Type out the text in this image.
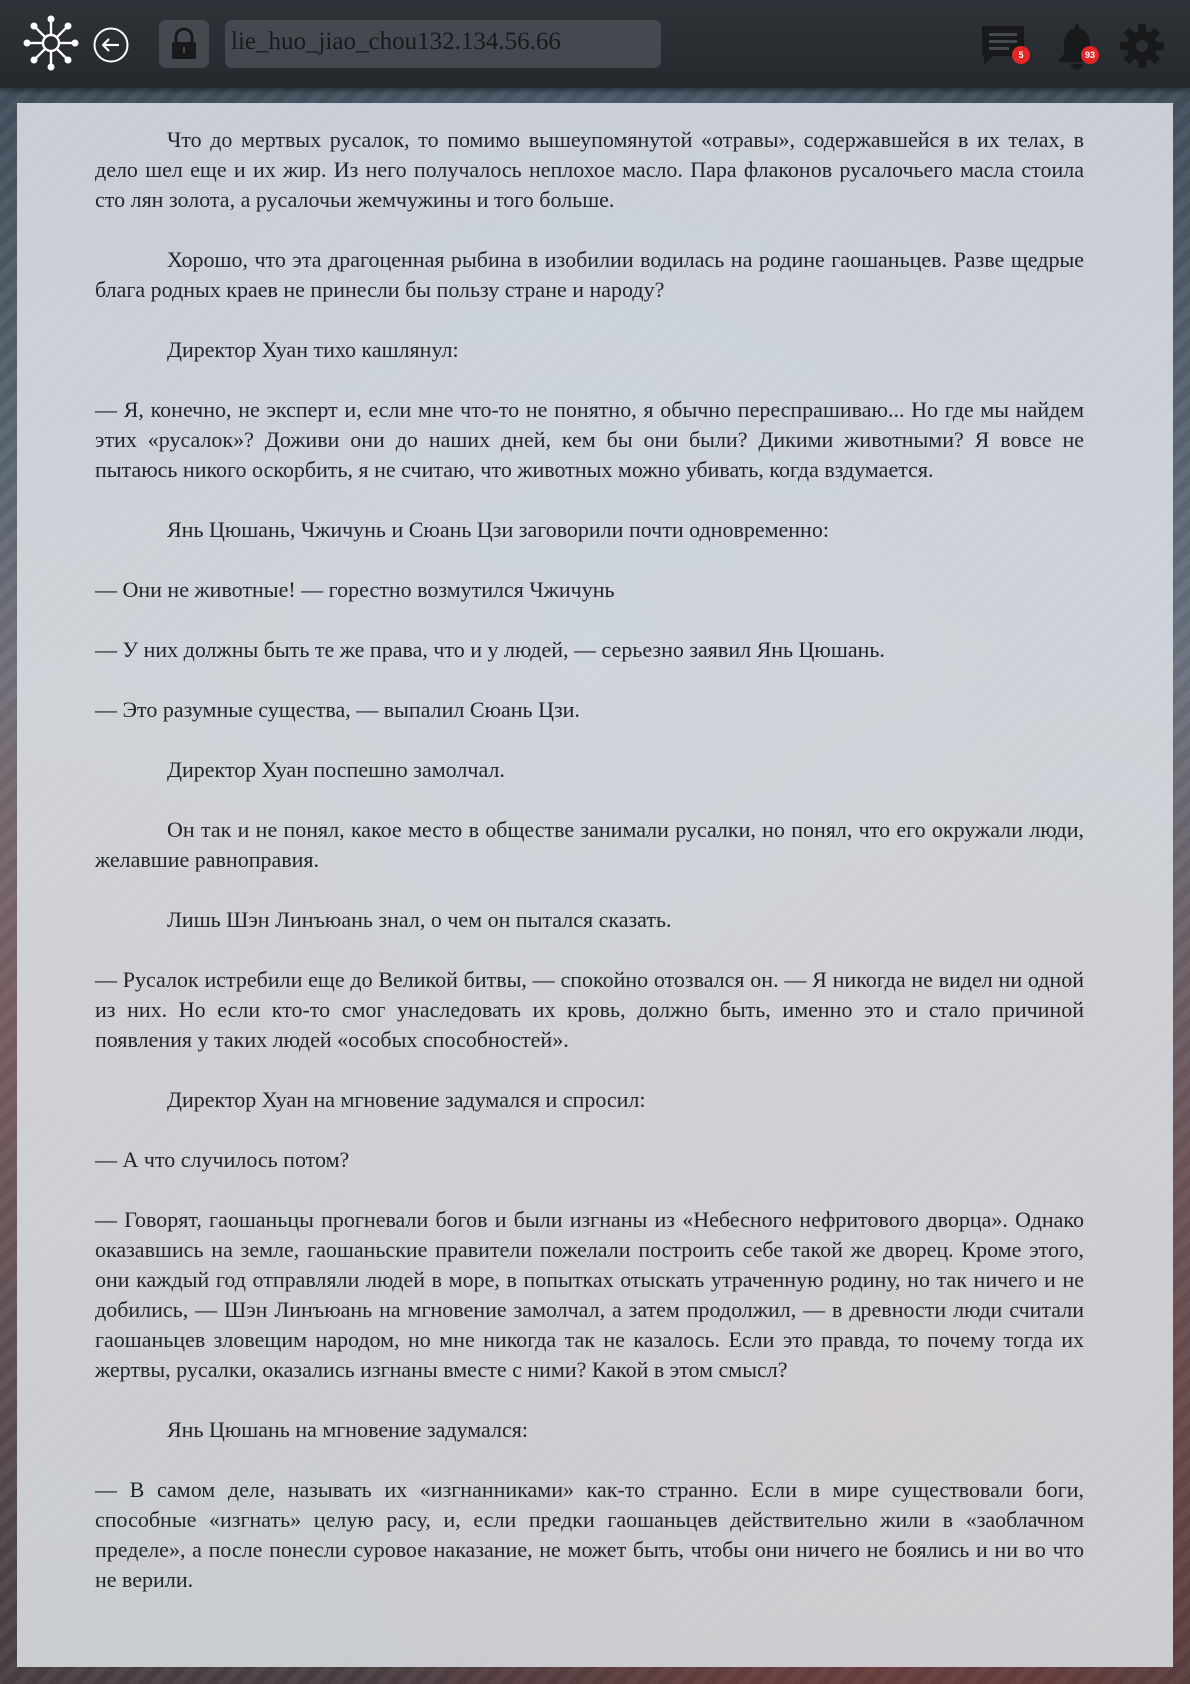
lie_huo_jiao_chou132.134.56.66	5	93

Что до мертвых русалок, то помимо вышеупомянутой «отравы», содержавшейся в их телах, в дело шел еще и их жир. Из него получалось неплохое масло. Пара флаконов русалочьего масла стоила сто лян золота, а русалочьи жемчужины и того больше.

Хорошо, что эта драгоценная рыбина в изобилии водилась на родине гаошаньцев. Разве щедрые блага родных краев не принесли бы пользу стране и народу?

Директор Хуан тихо кашлянул:

— Я, конечно, не эксперт и, если мне что-то не понятно, я обычно переспрашиваю... Но где мы найдем этих «русалок»? Доживи они до наших дней, кем бы они были? Дикими животными? Я вовсе не пытаюсь никого оскорбить, я не считаю, что животных можно убивать, когда вздумается.

Янь Цюшань, Чжичунь и Сюань Цзи заговорили почти одновременно:

— Они не животные! — горестно возмутился Чжичунь

— У них должны быть те же права, что и у людей, — серьезно заявил Янь Цюшань.

— Это разумные существа, — выпалил Сюань Цзи.

Директор Хуан поспешно замолчал.

Он так и не понял, какое место в обществе занимали русалки, но понял, что его окружали люди, желавшие равноправия.

Лишь Шэн Линъюань знал, о чем он пытался сказать.

— Русалок истребили еще до Великой битвы, — спокойно отозвался он. — Я никогда не видел ни одной из них. Но если кто-то смог унаследовать их кровь, должно быть, именно это и стало причиной появления у таких людей «особых способностей».

Директор Хуан на мгновение задумался и спросил:

— А что случилось потом?

— Говорят, гаошаньцы прогневали богов и были изгнаны из «Небесного нефритового дворца». Однако оказавшись на земле, гаошаньские правители пожелали построить себе такой же дворец. Кроме этого, они каждый год отправляли людей в море, в попытках отыскать утраченную родину, но так ничего и не добились, — Шэн Линъюань на мгновение замолчал, а затем продолжил, — в древности люди считали гаошаньцев зловещим народом, но мне никогда так не казалось. Если это правда, то почему тогда их жертвы, русалки, оказались изгнаны вместе с ними? Какой в этом смысл?

Янь Цюшань на мгновение задумался:

— В самом деле, называть их «изгнанниками» как-то странно. Если в мире существовали боги, способные «изгнать» целую расу, и, если предки гаошаньцев действительно жили в «заоблачном пределе», а после понесли суровое наказание, не может быть, чтобы они ничего не боялись и ни во что не верили.
